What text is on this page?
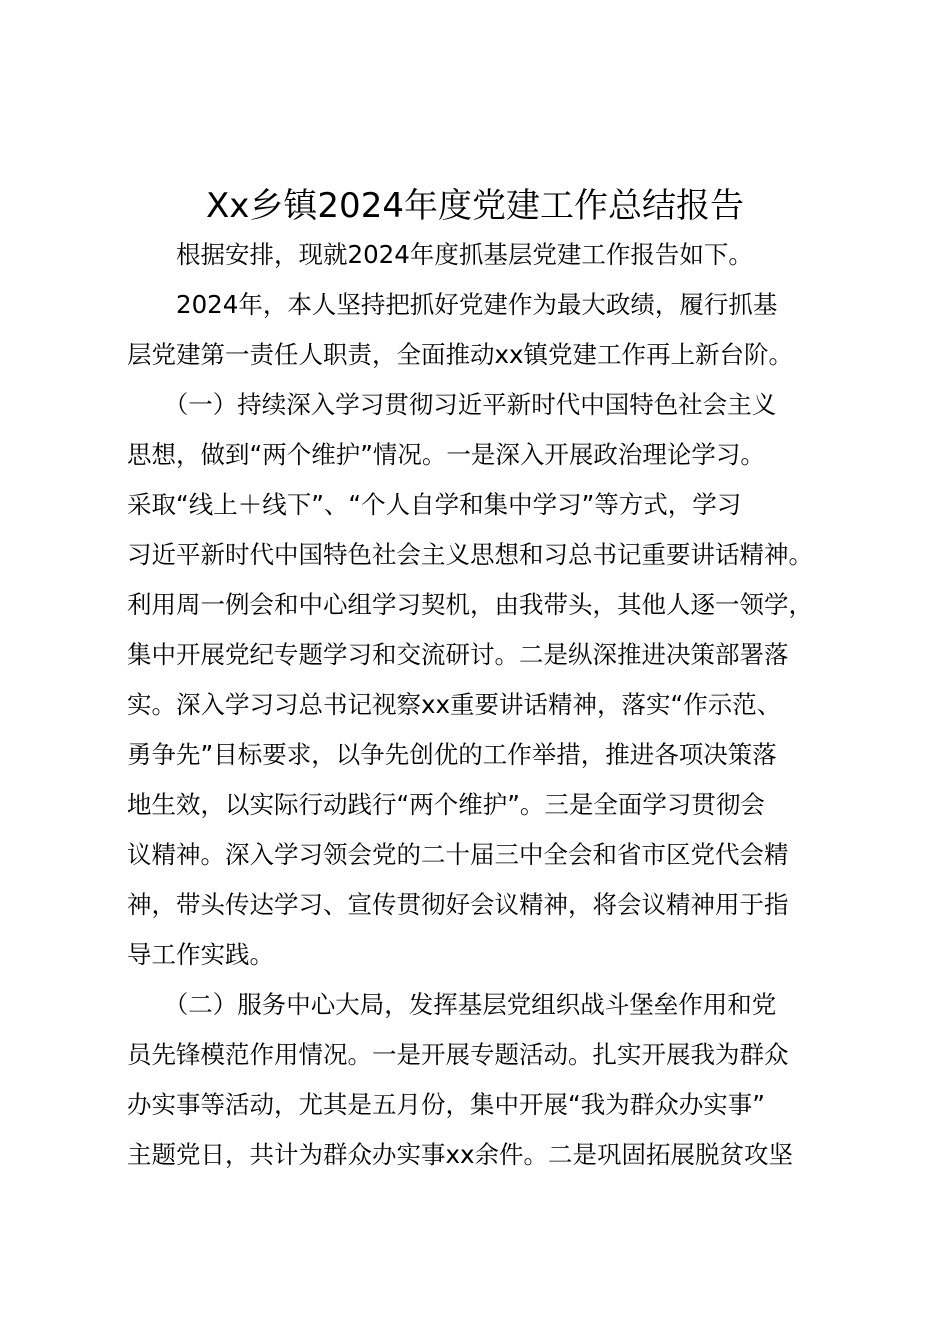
Xx乡镇2024年度党建工作总结报告
　　根据安排，现就2024年度抓基层党建工作报告如下。
　　2024年，本人坚持把抓好党建作为最大政绩，履行抓基
层党建第一责任人职责，全面推动xx镇党建工作再上新台阶。
　　（一）持续深入学习贯彻习近平新时代中国特色社会主义
思想，做到“两个维护”情况。一是深入开展政治理论学习。
采取“线上＋线下”、“个人自学和集中学习”等方式，学习
习近平新时代中国特色社会主义思想和习总书记重要讲话精神。
利用周一例会和中心组学习契机，由我带头，其他人逐一领学，
集中开展党纪专题学习和交流研讨。二是纵深推进决策部署落
实。深入学习习总书记视察xx重要讲话精神，落实“作示范、
勇争先”目标要求，以争先创优的工作举措，推进各项决策落
地生效，以实际行动践行“两个维护”。三是全面学习贯彻会
议精神。深入学习领会党的二十届三中全会和省市区党代会精
神，带头传达学习、宣传贯彻好会议精神，将会议精神用于指
导工作实践。
　　（二）服务中心大局，发挥基层党组织战斗堡垒作用和党
员先锋模范作用情况。一是开展专题活动。扎实开展我为群众
办实事等活动，尤其是五月份，集中开展“我为群众办实事”
主题党日，共计为群众办实事xx余件。二是巩固拓展脱贫攻坚
